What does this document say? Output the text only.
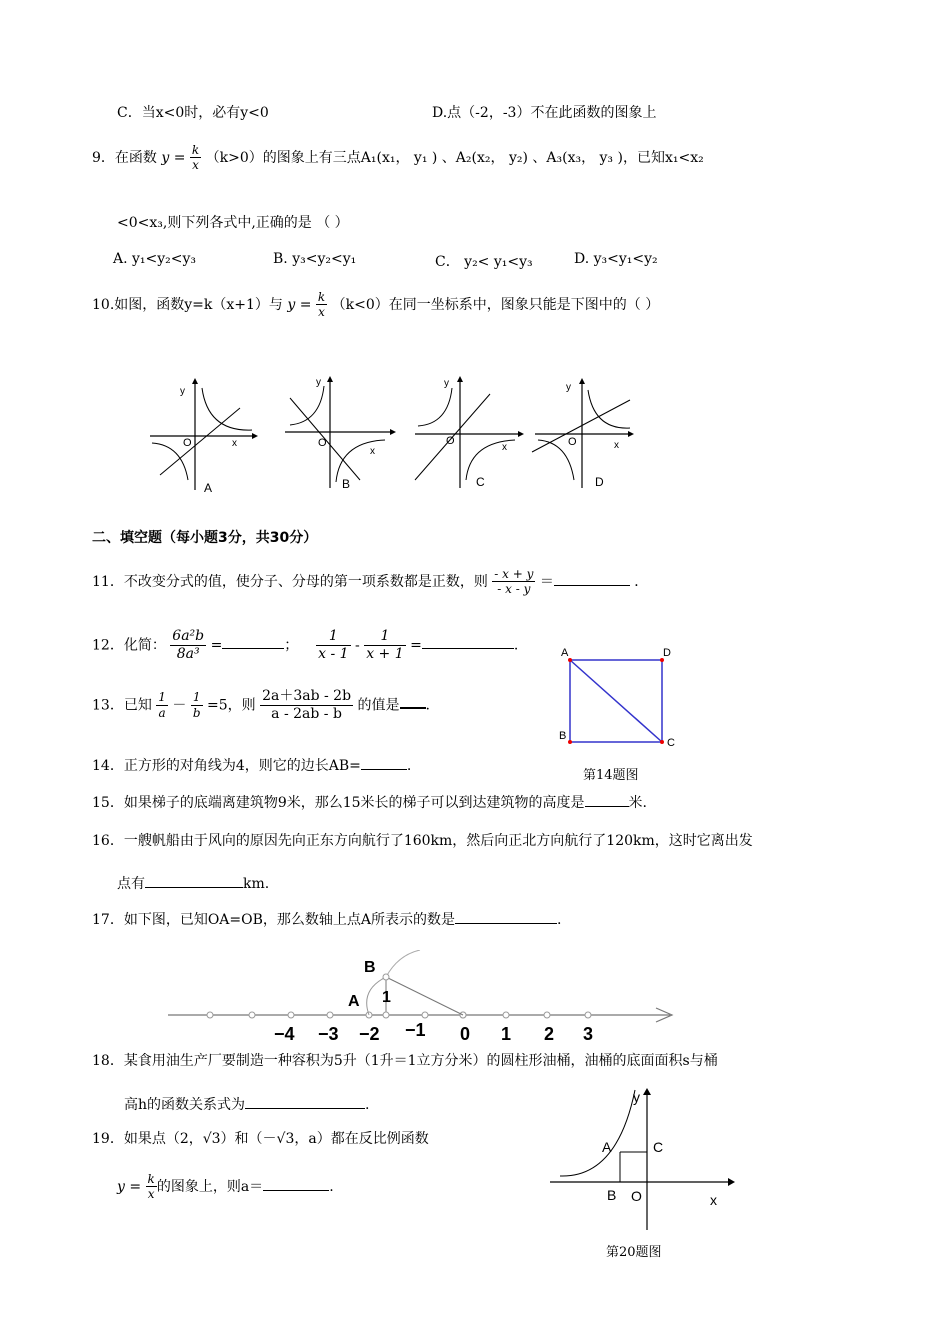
C．当x<0时，必有y<0	D.点（-2，-3）不在此函数的图象上
9．在函数 $y = \frac{k}{x} (k>0)$的图象上有三点A₁(x₁， y₁ ) 、A₂(x₂， y₂) 、A₃(x₃， y₃ )，已知x₁<x₂
<0<x₃,则下列各式中,正确的是 （ ）
A. y₁<y₂<y₃	B. y₃<y₂<y₁	C． y₂< y₁<y₃	D. y₃<y₁<y₂
10.如图，函数y=k（x+1）与 $y = \frac{k}{x} (k<0)$在同一坐标系中，图象只能是下图中的（ ）
y
O	x
A
y
O
x
B
y
O
x
C
y
O	x
D
二、填空题（每小题3分，共30分）
11．不改变分式的值，使分子、分母的第一项系数都是正数，则 $\frac{- x + y}{- x - y}$ ＝	．
12．化简： $\frac{\text{6a²b}}{\text{8a³}}$ =	； $\frac{1}{x - 1} - \frac{1}{x + 1}$ =	.	A	D
B
C
第14题图
13．已知 $\frac{1}{a} - \frac{1}{b} =5$，则 $\frac{2a+3ab - 2b}{a - 2ab - b}$ 的值是 .
14．正方形的对角线为4，则它的边长AB=	.
15．如果梯子的底端离建筑物9米，那么15米长的梯子可以到达建筑物的高度是	米.
16．一艘帆船由于风向的原因先向正东方向航行了160km，然后向正北方向航行了120km，这时它离出发
点有	km.
17．如下图，已知OA=OB，那么数轴上点A所表示的数是	.
B
A 1
−4 −3 −2 −1 0 1 2 3
18．某食用油生产厂要制造一种容积为5升（1升＝1立方分米）的圆柱形油桶，油桶的底面面积s与桶
高h的函数关系式为	.
19．如果点（2，√3）和（－√3，a）都在反比例函数
$y = \frac{k}{x}$ 的图象上，则a＝	.
y
A	C
B O	x
第20题图
